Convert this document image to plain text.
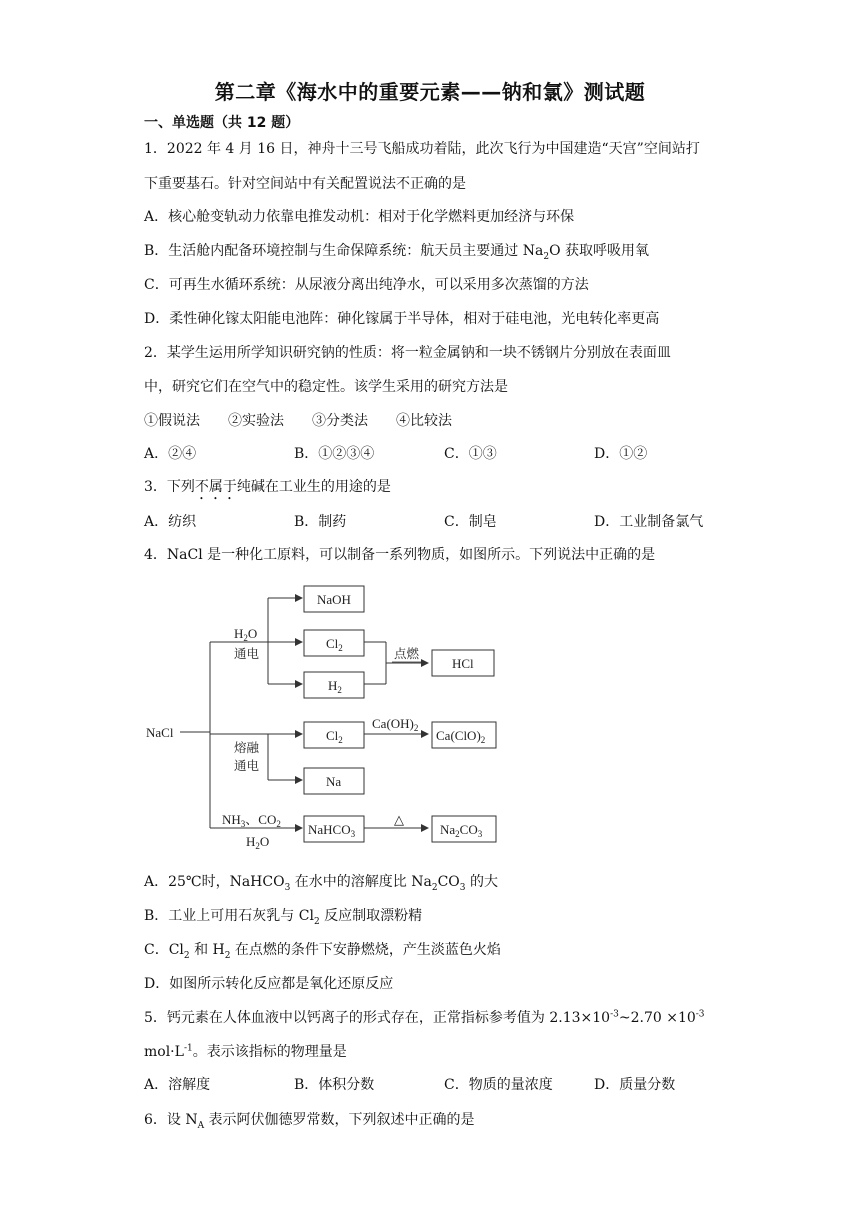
第二章《海水中的重要元素——钠和氯》测试题
一、单选题（共 12 题）
1．2022 年 4 月 16 日，神舟十三号飞船成功着陆，此次飞行为中国建造“天宫”空间站打
下重要基石。针对空间站中有关配置说法不正确的是
A．核心舱变轨动力依靠电推发动机：相对于化学燃料更加经济与环保
B．生活舱内配备环境控制与生命保障系统：航天员主要通过 $Na_2O$ 获取呼吸用氧
C．可再生水循环系统：从尿液分离出纯净水，可以采用多次蒸馏的方法
D．柔性砷化镓太阳能电池阵：砷化镓属于半导体，相对于硅电池，光电转化率更高
2．某学生运用所学知识研究钠的性质：将一粒金属钠和一块不锈钢片分别放在表面皿
中，研究它们在空气中的稳定性。该学生采用的研究方法是
①假说法　　②实验法　　③分类法　　④比较法
A．②④	B．①②③④	C．①③	D．①②
3．下列不属于纯碱在工业生的用途的是
A．纺织	B．制药	C．制皂	D．工业制备氯气
4．NaCl 是一种化工原料，可以制备一系列物质，如图所示。下列说法中正确的是
NaCl
$H_2O$
通电
熔融
通电
$NH_3$、$CO_2$
$H_2O$
NaOH
$Cl_2$
$H_2$
点燃
HCl
$Cl_2$
$Ca(OH)_2$ $Ca(ClO)_2$
Na
NaHCO$_3$
△
$Na_2CO_3$
A．25℃时，NaHCO$_3$ 在水中的溶解度比 $Na_2CO_3$ 的大
B．工业上可用石灰乳与 $Cl_2$ 反应制取漂粉精
C．$Cl_2$ 和 $H_2$ 在点燃的条件下安静燃烧，产生淡蓝色火焰
D．如图所示转化反应都是氧化还原反应
5．钙元素在人体血液中以钙离子的形式存在，正常指标参考值为 $2.13\times 10^{-3}\sim 2.70 \times 10^{-3}$
$mol\cdot L^{-1}$。表示该指标的物理量是
A．溶解度	B．体积分数	C．物质的量浓度	D．质量分数
6．设 $N_A$ 表示阿伏伽德罗常数，下列叙述中正确的是
